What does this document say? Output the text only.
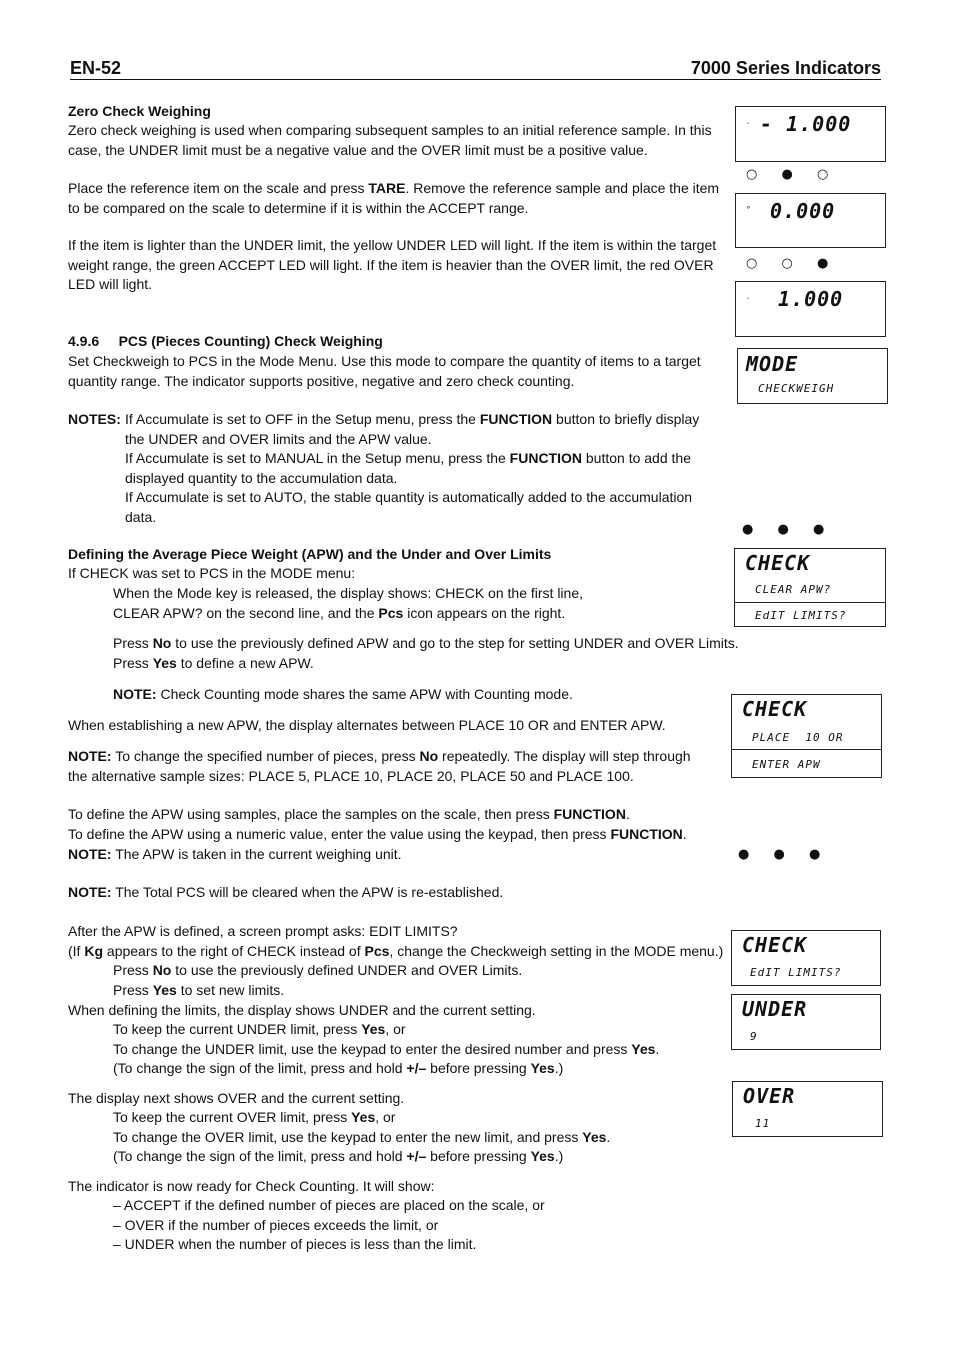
EN-52	7000 Series Indicators
Zero Check Weighing
Zero check weighing is used when comparing subsequent samples to an initial reference sample. In this case, the UNDER limit must be a negative value and the OVER limit must be a positive value.
Place the reference item on the scale and press TARE. Remove the reference sample and place the item to be compared on the scale to determine if it is within the ACCEPT range.
If the item is lighter than the UNDER limit, the yellow UNDER LED will light. If the item is within the target weight range, the green ACCEPT LED will light. If the item is heavier than the OVER limit, the red OVER LED will light.
4.9.6     PCS (Pieces Counting) Check Weighing
Set Checkweigh to PCS in the Mode Menu. Use this mode to compare the quantity of items to a target quantity range. The indicator supports positive, negative and zero check counting.
NOTES: If Accumulate is set to OFF in the Setup menu, press the FUNCTION button to briefly display the UNDER and OVER limits and the APW value.
If Accumulate is set to MANUAL in the Setup menu, press the FUNCTION button to add the displayed quantity to the accumulation data.
If Accumulate is set to AUTO, the stable quantity is automatically added to the accumulation data.
Defining the Average Piece Weight (APW) and the Under and Over Limits
If CHECK was set to PCS in the MODE menu:
When the Mode key is released, the display shows: CHECK on the first line,
CLEAR APW? on the second line, and the Pcs icon appears on the right.
Press No to use the previously defined APW and go to the step for setting UNDER and OVER Limits.
Press Yes to define a new APW.
NOTE: Check Counting mode shares the same APW with Counting mode.
When establishing a new APW, the display alternates between PLACE 10 OR and ENTER APW.
NOTE: To change the specified number of pieces, press No repeatedly. The display will step through the alternative sample sizes: PLACE 5, PLACE 10, PLACE 20, PLACE 50 and PLACE 100.
To define the APW using samples, place the samples on the scale, then press FUNCTION.
To define the APW using a numeric value, enter the value using the keypad, then press FUNCTION.
NOTE: The APW is taken in the current weighing unit.
NOTE: The Total PCS will be cleared when the APW is re-established.
After the APW is defined, a screen prompt asks: EDIT LIMITS?
(If Kg appears to the right of CHECK instead of Pcs, change the Checkweigh setting in the MODE menu.)
Press No to use the previously defined UNDER and OVER Limits.
Press Yes to set new limits.
When defining the limits, the display shows UNDER and the current setting.
To keep the current UNDER limit, press Yes, or
To change the UNDER limit, use the keypad to enter the desired number and press Yes.
(To change the sign of the limit, press and hold +/– before pressing Yes.)
The display next shows OVER and the current setting.
To keep the current OVER limit, press Yes, or
To change the OVER limit, use the keypad to enter the new limit, and press Yes.
(To change the sign of the limit, press and hold +/– before pressing Yes.)
The indicator is now ready for Check Counting. It will show:
– ACCEPT if the defined number of pieces are placed on the scale, or
– OVER if the number of pieces exceeds the limit, or
– UNDER when the number of pieces is less than the limit.
` - 1.000
○ ● ○
° 0.000
○ ○ ●
` 1.000
MODE
CHECKWEIGH
● ● ●
CHECK
CLEAR APW?
EdIT LIMITS?
CHECK
PLACE  10 OR
ENTER APW
● ● ●
CHECK
EdIT LIMITS?
UNDER
9
OVER
11
